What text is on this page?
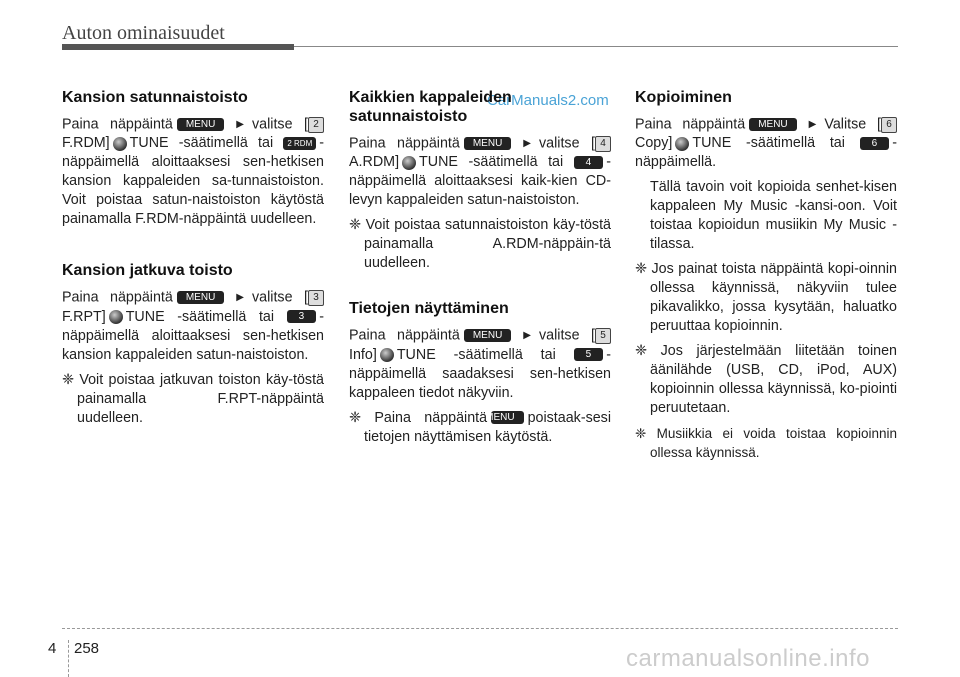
Auton ominaisuudet
CarManuals2.com
Kansion satunnaistoisto

Paina näppäintä MENU ▶ valitse [ 2 F.RDM] TUNE -säätimellä tai 2 RDM -näppäimellä aloittaaksesi sen-hetkisen kansion kappaleiden sa-tunnaistoiston. Voit poistaa satun-naistoiston käytöstä painamalla F.RDM-näppäintä uudelleen.

Kansion jatkuva toisto

Paina näppäintä MENU ▶ valitse [ 3 F.RPT] TUNE -säätimellä tai 3 -näppäimellä aloittaaksesi sen-hetkisen kansion kappaleiden satun-naistoiston.

❈ Voit poistaa jatkuvan toiston käy-töstä painamalla F.RPT-näppäintä uudelleen.

Kaikkien kappaleiden satunnaistoisto

Paina näppäintä MENU ▶ valitse [ 4 A.RDM] TUNE -säätimellä tai 4 -näppäimellä aloittaaksesi kaik-kien CD-levyn kappaleiden satun-naistoiston.

❈ Voit poistaa satunnaistoiston käy-töstä painamalla A.RDM-näppäin-tä uudelleen.

Tietojen näyttäminen

Paina näppäintä MENU ▶ valitse [ 5 Info] TUNE -säätimellä tai	5 -näppäimellä saadaksesi sen-hetkisen kappaleen tiedot näkyviin.

❈ Paina näppäintäMENU poistaak-sesi tietojen näyttämisen käytöstä.

Kopioiminen

Paina näppäintä MENU ▶ Valitse [ 6 Copy] TUNE -säätimellä tai	6 -näppäimellä.

Tällä tavoin voit kopioida senhet-kisen kappaleen My Music -kansi-oon. Voit toistaa kopioidun musiikin My Music -tilassa.

❈ Jos painat toista näppäintä kopi-oinnin ollessa käynnissä, näkyviin tulee pikavalikko, jossa kysytään, haluatko peruuttaa kopioinnin.

❈ Jos järjestelmään liitetään toinen äänilähde (USB, CD, iPod, AUX) kopioinnin ollessa käynnissä, ko-piointi peruutetaan.

❈ Musiikkia ei voida toistaa kopioinnin ollessa käynnissä.

4 258	carmanualsonline.info
